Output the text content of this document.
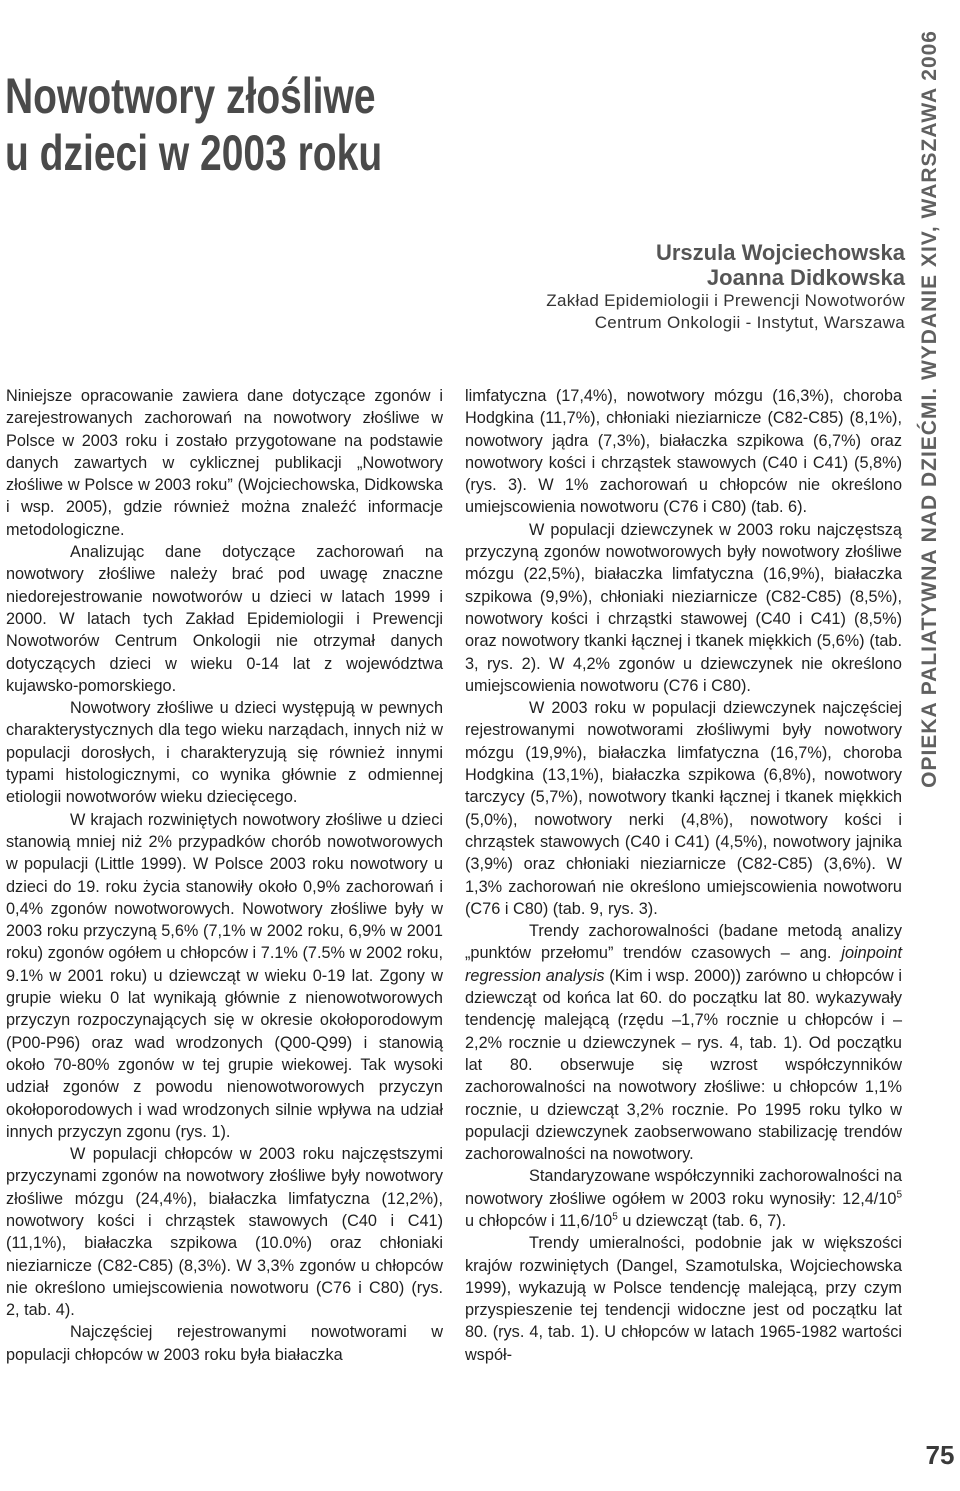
Nowotwory złośliwe
u dzieci w 2003 roku
Urszula Wojciechowska
Joanna Didkowska
Zakład Epidemiologii i Prewencji Nowotworów
Centrum Onkologii - Instytut, Warszawa

Niniejsze opracowanie zawiera dane dotyczące zgonów i zarejestrowanych zachorowań na nowotwory złośliwe w Polsce w 2003 roku i zostało przygotowane na podstawie danych zawartych w cyklicznej publikacji „Nowotwory złośliwe w Polsce w 2003 roku” (Wojciechowska, Didkowska i wsp. 2005), gdzie również można znaleźć informacje metodologiczne.

Analizując dane dotyczące zachorowań na nowotwory złośliwe należy brać pod uwagę znaczne niedorejestrowanie nowotworów u dzieci w latach 1999 i 2000. W latach tych Zakład Epidemiologii i Prewencji Nowotworów Centrum Onkologii nie otrzymał danych dotyczących dzieci w wieku 0-14 lat z województwa kujawsko-pomorskiego.

Nowotwory złośliwe u dzieci występują w pewnych charakterystycznych dla tego wieku narządach, innych niż w populacji dorosłych, i charakteryzują się również innymi typami histologicznymi, co wynika głównie z odmiennej etiologii nowotworów wieku dziecięcego.

W krajach rozwiniętych nowotwory złośliwe u dzieci stanowią mniej niż 2% przypadków chorób nowotworowych w populacji (Little 1999). W Polsce 2003 roku nowotwory u dzieci do 19. roku życia stanowiły około 0,9% zachorowań i 0,4% zgonów nowotworowych. Nowotwory złośliwe były w 2003 roku przyczyną 5,6% (7,1% w 2002 roku, 6,9% w 2001 roku) zgonów ogółem u chłopców i 7.1% (7.5% w 2002 roku, 9.1% w 2001 roku) u dziewcząt w wieku 0-19 lat. Zgony w grupie wieku 0 lat wynikają głównie z nienowotworowych przyczyn rozpoczynających się w okresie okołoporodowym (P00-P96) oraz wad wrodzonych (Q00-Q99) i stanowią około 70-80% zgonów w tej grupie wiekowej. Tak wysoki udział zgonów z powodu nienowotworowych przyczyn okołoporodowych i wad wrodzonych silnie wpływa na udział innych przyczyn zgonu (rys. 1).

W populacji chłopców w 2003 roku najczęstszymi przyczynami zgonów na nowotwory złośliwe były nowotwory złośliwe mózgu (24,4%), białaczka limfatyczna (12,2%), nowotwory kości i chrząstek stawowych (C40 i C41) (11,1%), białaczka szpikowa (10.0%) oraz chłoniaki nieziarnicze (C82-C85) (8,3%). W 3,3% zgonów u chłopców nie określono umiejscowienia nowotworu (C76 i C80) (rys. 2, tab. 4).

Najczęściej rejestrowanymi nowotworami w populacji chłopców w 2003 roku była białaczka

limfatyczna (17,4%), nowotwory mózgu (16,3%), choroba Hodgkina (11,7%), chłoniaki nieziarnicze (C82-C85) (8,1%), nowotwory jądra (7,3%), białaczka szpikowa (6,7%) oraz nowotwory kości i chrząstek stawowych (C40 i C41) (5,8%) (rys. 3). W 1% zachorowań u chłopców nie określono umiejscowienia nowotworu (C76 i C80) (tab. 6).

W populacji dziewczynek w 2003 roku najczęstszą przyczyną zgonów nowotworowych były nowotwory złośliwe mózgu (22,5%), białaczka limfatyczna (16,9%), białaczka szpikowa (9,9%), chłoniaki nieziarnicze (C82-C85) (8,5%), nowotwory kości i chrząstki stawowej (C40 i C41) (8,5%) oraz nowotwory tkanki łącznej i tkanek miękkich (5,6%) (tab. 3, rys. 2). W 4,2% zgonów u dziewczynek nie określono umiejscowienia nowotworu (C76 i C80).

W 2003 roku w populacji dziewczynek najczęściej rejestrowanymi nowotworami złośliwymi były nowotwory mózgu (19,9%), białaczka limfatyczna (16,7%), choroba Hodgkina (13,1%), białaczka szpikowa (6,8%), nowotwory tarczycy (5,7%), nowotwory tkanki łącznej i tkanek miękkich (5,0%), nowotwory nerki (4,8%), nowotwory kości i chrząstek stawowych (C40 i C41) (4,5%), nowotwory jajnika (3,9%) oraz chłoniaki nieziarnicze (C82-C85) (3,6%). W 1,3% zachorowań nie określono umiejscowienia nowotworu (C76 i C80) (tab. 9, rys. 3).

Trendy zachorowalności (badane metodą analizy „punktów przełomu” trendów czasowych – ang. joinpoint regression analysis (Kim i wsp. 2000)) zarówno u chłopców i dziewcząt od końca lat 60. do początku lat 80. wykazywały tendencję malejącą (rzędu –1,7% rocznie u chłopców i –2,2% rocznie u dziewczynek – rys. 4, tab. 1). Od początku lat 80. obserwuje się wzrost współczynników zachorowalności na nowotwory złośliwe: u chłopców 1,1% rocznie, u dziewcząt 3,2% rocznie. Po 1995 roku tylko w populacji dziewczynek zaobserwowano stabilizację trendów zachorowalności na nowotwory.

Standaryzowane współczynniki zachorowalności na nowotwory złośliwe ogółem w 2003 roku wynosiły: $12,4/10^5$ u chłopców i $11,6/10^5$ u dziewcząt (tab. 6, 7).

Trendy umieralności, podobnie jak w większości krajów rozwiniętych (Dangel, Szamotulska, Wojciechowska 1999), wykazują w Polsce tendencję malejącą, przy czym przyspieszenie tej tendencji widoczne jest od początku lat 80. (rys. 4, tab. 1). U chłopców w latach 1965-1982 wartości współ-

OPIEKA PALIATYWNA NAD DZIEĆMI. WYDANIE XIV, WARSZAWA 2006
75
